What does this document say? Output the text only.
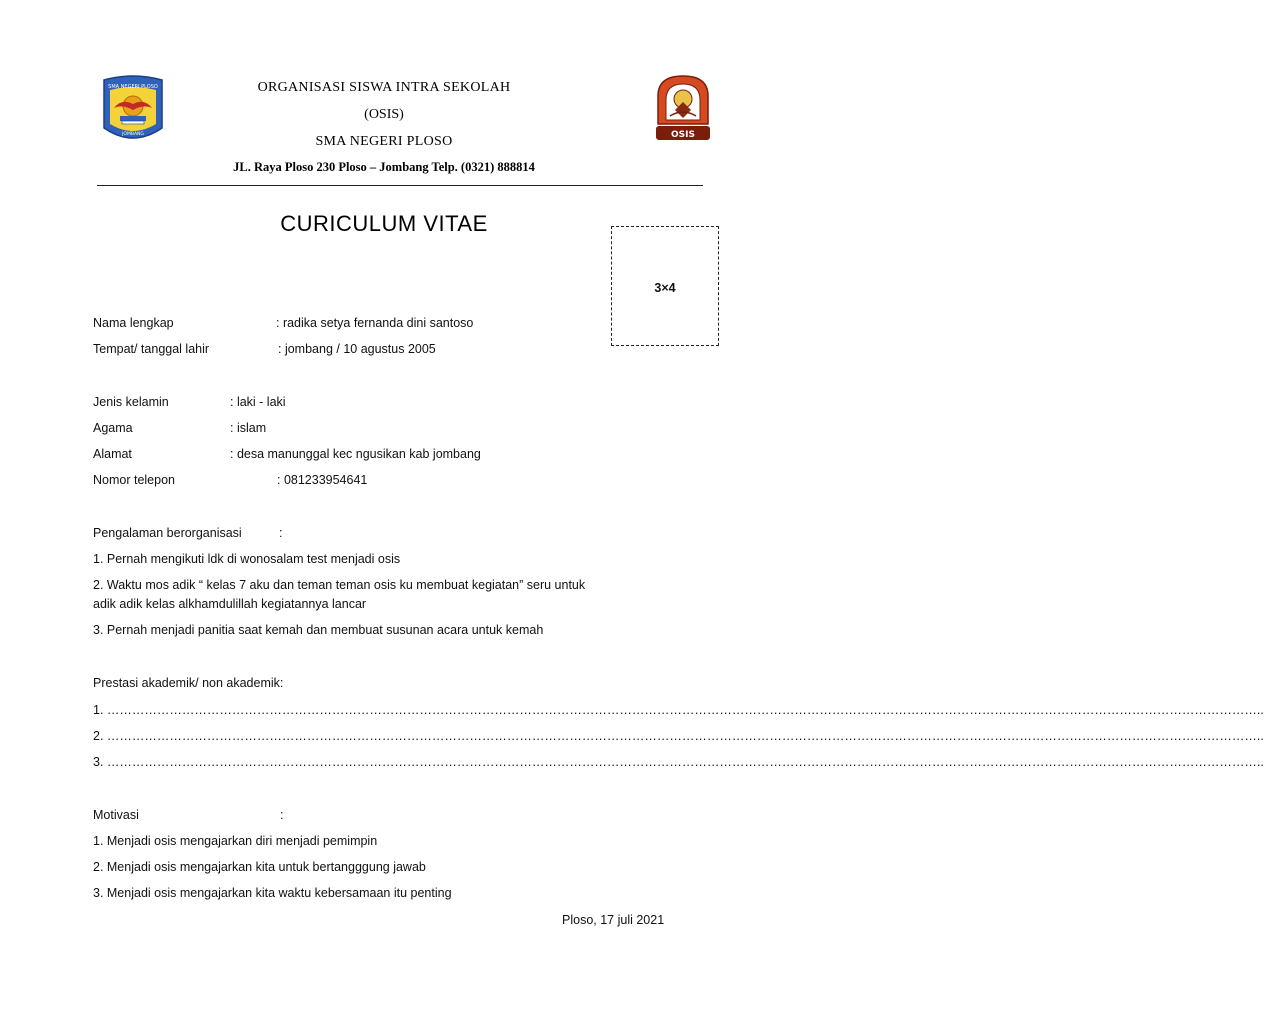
SMA NEGERI PLOSO
JOMBANG	OSIS
ORGANISASI SISWA INTRA SEKOLAH
(OSIS)
SMA NEGERI PLOSO
JL. Raya Ploso 230 Ploso – Jombang Telp. (0321) 888814
CURICULUM VITAE
3×4
Nama lengkap	: radika setya fernanda dini santoso
Tempat/ tanggal lahir	: jombang / 10 agustus 2005
Jenis kelamin	: laki - laki
Agama	: islam
Alamat	: desa manunggal kec ngusikan kab jombang
Nomor telepon	: 081233954641
Pengalaman berorganisasi	:
1. Pernah mengikuti ldk di wonosalam test menjadi osis
2. Waktu mos adik “ kelas 7 aku dan teman teman osis ku membuat kegiatan” seru untuk
adik adik kelas alkhamdulillah kegiatannya lancar
3. Pernah menjadi panitia saat kemah dan membuat susunan acara untuk kemah
Prestasi akademik/ non akademik:
1. ……………………………………………………………………………………………………………………………………………………………………………………………………………………………………………………..
2. ……………………………………………………………………………………………………………………………………………………………………………………………………………………………………………………..
3. ……………………………………………………………………………………………………………………………………………………………………………………………………………………………………………………..
Motivasi	:
1. Menjadi osis mengajarkan diri menjadi pemimpin
2. Menjadi osis mengajarkan kita untuk bertangggung jawab
3. Menjadi osis mengajarkan kita waktu kebersamaan itu penting
Ploso, 17 juli 2021
